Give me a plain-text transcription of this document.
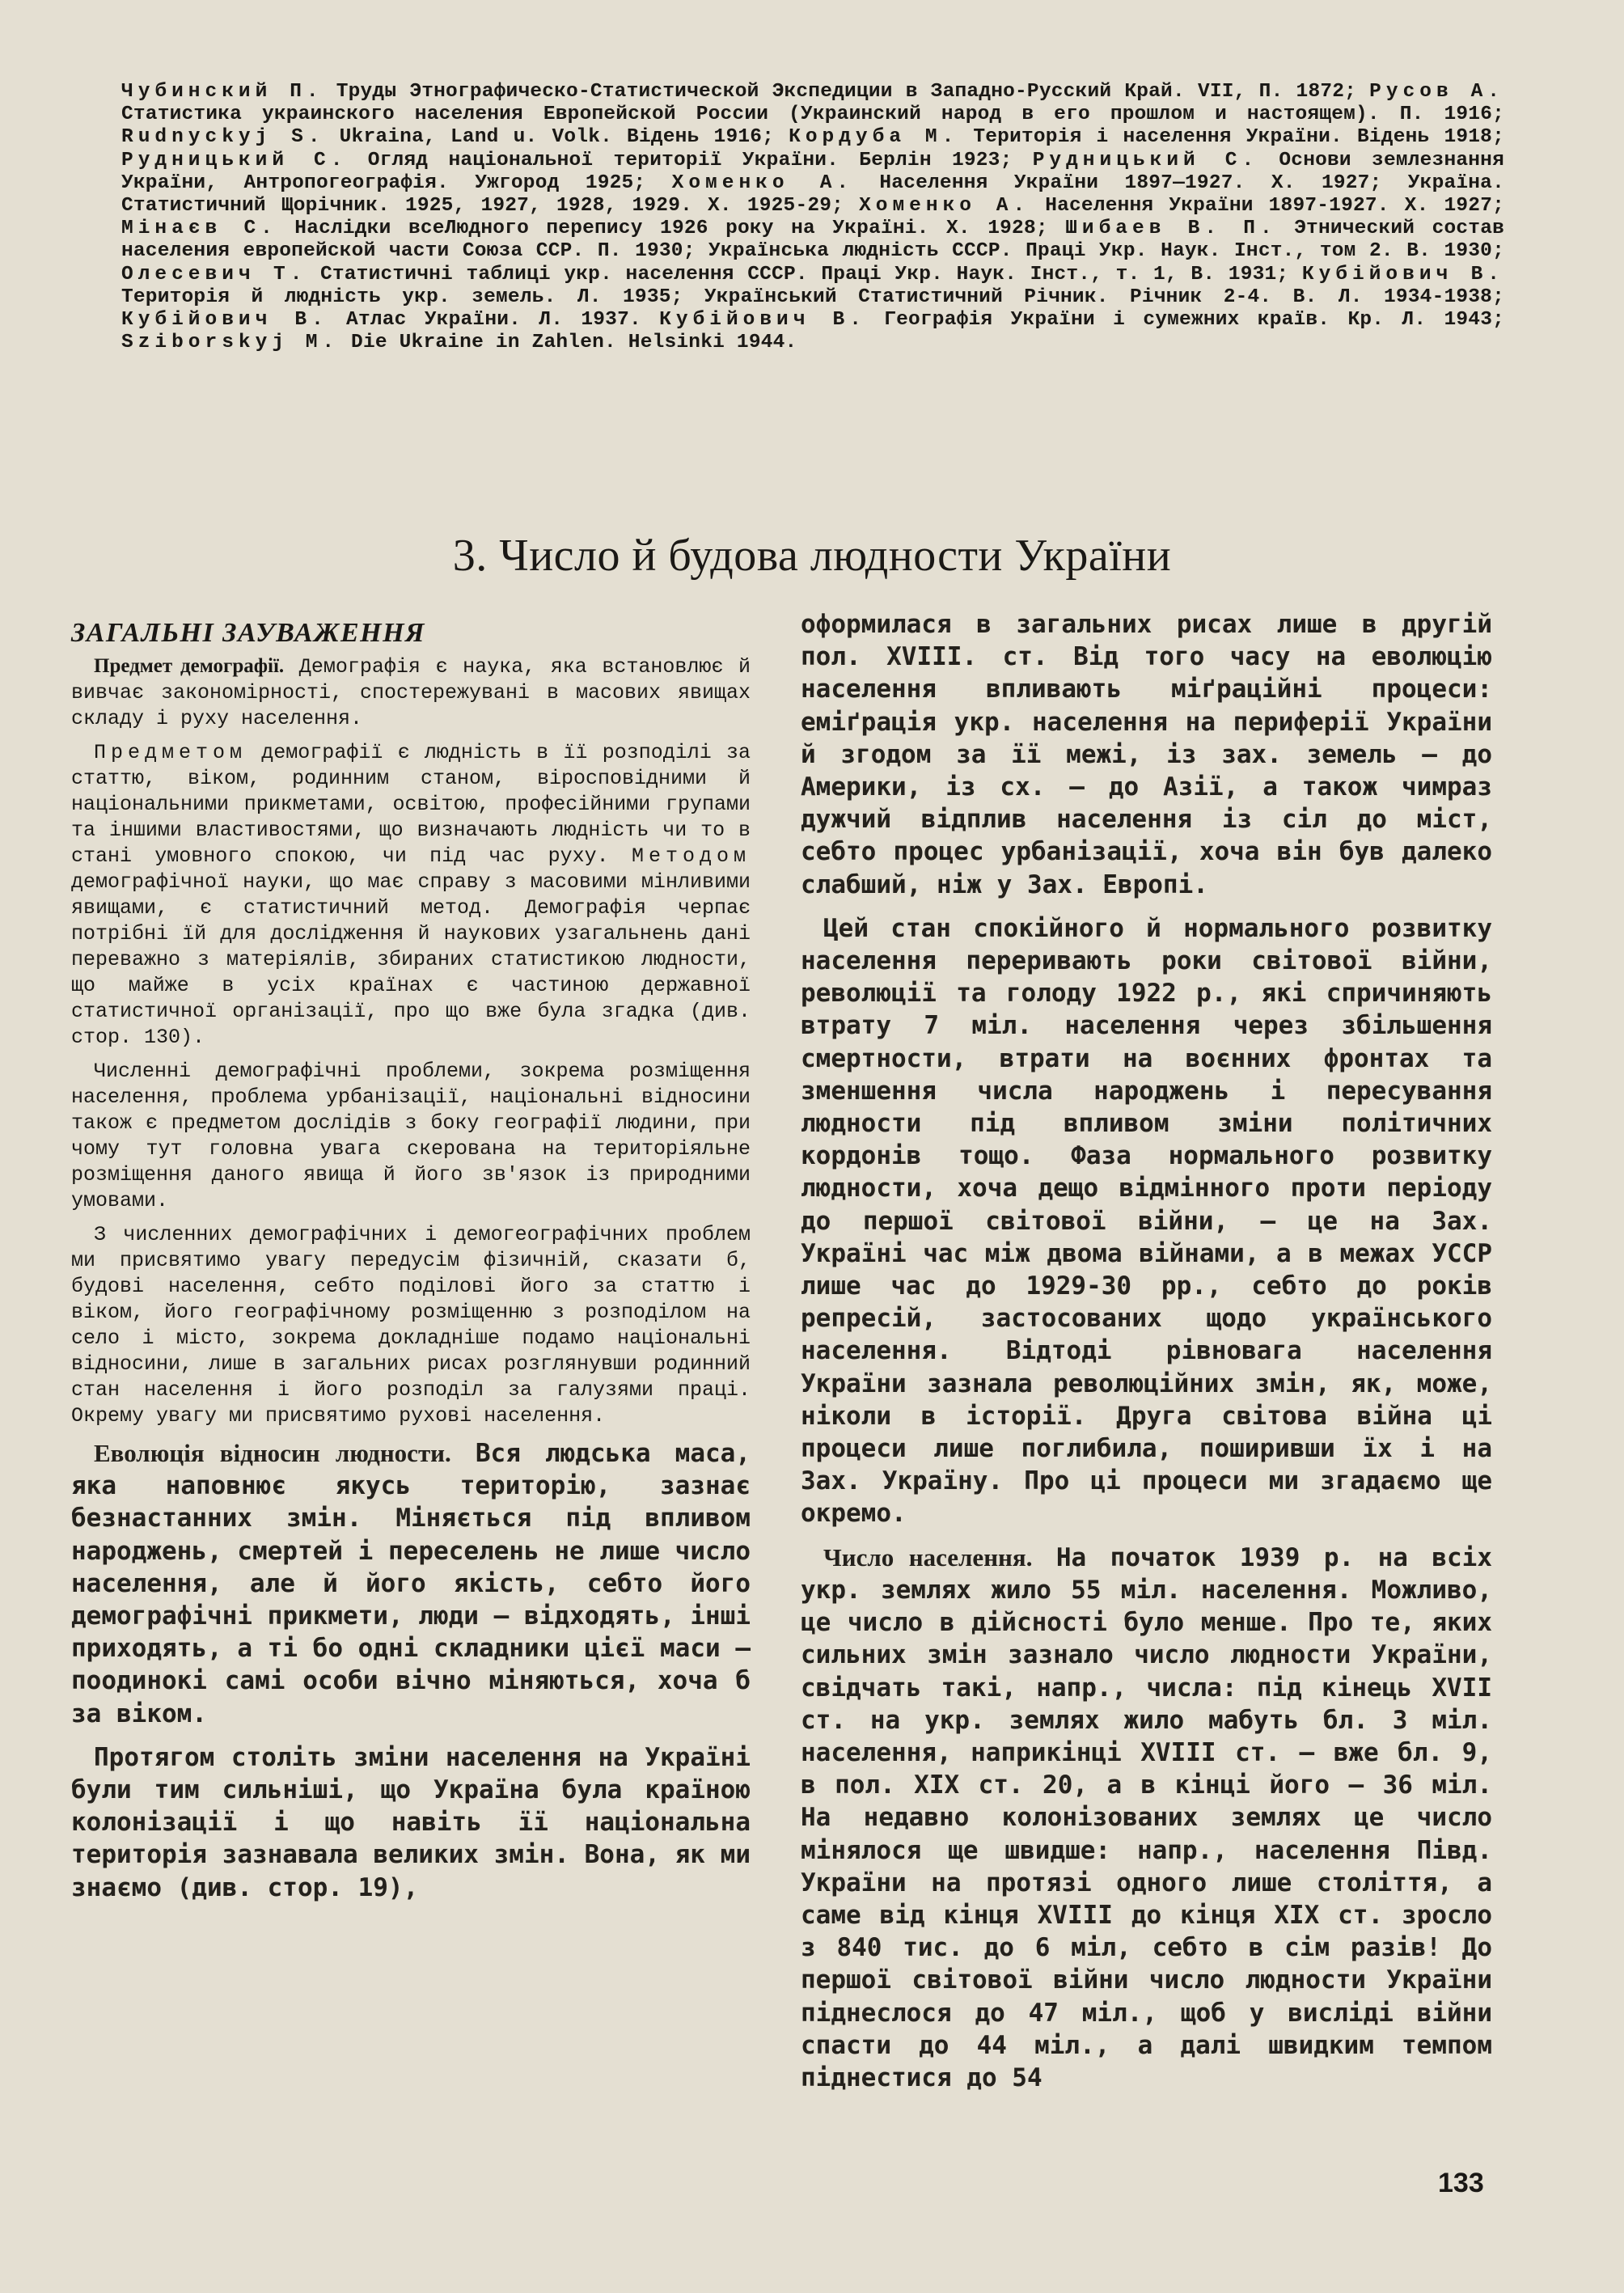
Чубинский П. Труды Этнографическо-Статистической Экспедиции в Западно-Русский Край. VII, П. 1872; Русов А. Статистика украинского населения Европейской России (Украинский народ в его прошлом и настоящем). П. 1916; Rudnyckyj S. Ukraina, Land u. Volk. Відень 1916; Кордуба М. Територія і населення України. Відень 1918; Рудницький С. Огляд національної території України. Берлін 1923; Рудницький С. Основи землезнання України, Антропогеографія. Ужгород 1925; Хоменко А. Населення України 1897—1927. Х. 1927; Україна. Статистичний Щорічник. 1925, 1927, 1928, 1929. Х. 1925-29; Хоменко А. Населення України 1897-1927. Х. 1927; Мінаєв С. Наслідки всеЛюдного перепису 1926 року на Україні. Х. 1928; Шибаев В. П. Этнический состав населения европейской части Союза ССР. П. 1930; Українська людність СССР. Праці Укр. Наук. Інст., том 2. В. 1930; Олесевич Т. Статистичні таблиці укр. населення СССР. Праці Укр. Наук. Інст., т. 1, В. 1931; Кубійович В. Територія й людність укр. земель. Л. 1935; Український Статистичний Річник. Річник 2-4. В. Л. 1934-1938; Кубійович В. Атлас України. Л. 1937. Кубійович В. Географія України і сумежних країв. Кр. Л. 1943; Sziborskyj M. Die Ukraine in Zahlen. Helsinki 1944.

3. Число й будова людности України
ЗАГАЛЬНІ ЗАУВАЖЕННЯ

Предмет демографії. Демографія є наука, яка встановлює й вивчає закономірності, спостережувані в масових явищах складу і руху населення.

Предметом демографії є людність в її розподілі за статтю, віком, родинним станом, віросповідними й національними прикметами, освітою, професійними групами та іншими властивостями, що визначають людність чи то в стані умовного спокою, чи під час руху. Методом демографічної науки, що має справу з масовими мінливими явищами, є статистичний метод. Демографія черпає потрібні їй для дослідження й наукових узагальнень дані переважно з матеріялів, збираних статистикою людности, що майже в усіх країнах є частиною державної статистичної організації, про що вже була згадка (див. стор. 130).

Численні демографічні проблеми, зокрема розміщення населення, проблема урбанізації, національні відносини також є предметом дослідів з боку географії людини, при чому тут головна увага скерована на територіяльне розміщення даного явища й його зв'язок із природними умовами.

З численних демографічних і демогеографічних проблем ми присвятимо увагу передусім фізичній, сказати б, будові населення, себто поділові його за статтю і віком, його географічному розміщенню з розподілом на село і місто, зокрема докладніше подамо національні відносини, лише в загальних рисах розглянувши родинний стан населення і його розподіл за галузями праці. Окрему увагу ми присвятимо рухові населення.

Еволюція відносин людности. Вся людська маса, яка наповнює якусь територію, зазнає безнастанних змін. Міняється під впливом народжень, смертей і переселень не лише число населення, але й його якість, себто його демографічні прикмети, люди — відходять, інші приходять, а ті бо одні складники цієї маси — поодинокі самі особи вічно міняються, хоча б за віком.

Протягом століть зміни населення на Україні були тим сильніші, що Україна була країною колонізації і що навіть її національна територія зазнавала великих змін. Вона, як ми знаємо (див. стор. 19),

оформилася в загальних рисах лише в другій пол. XVIII. ст. Від того часу на еволюцію населення впливають міґраційні процеси: еміґрація укр. населення на периферії України й згодом за її межі, із зах. земель — до Америки, із сх. — до Азії, а також чимраз дужчий відплив населення із сіл до міст, себто процес урбанізації, хоча він був далеко слабший, ніж у Зах. Европі.

Цей стан спокійного й нормального розвитку населення переривають роки світової війни, революції та голоду 1922 р., які спричиняють втрату 7 міл. населення через збільшення смертности, втрати на воєнних фронтах та зменшення числа народжень і пересування людности під впливом зміни політичних кордонів тощо. Фаза нормального розвитку людности, хоча дещо відмінного проти періоду до першої світової війни, — це на Зах. Україні час між двома війнами, а в межах УССР лише час до 1929-30 рр., себто до років репресій, застосованих щодо українського населення. Відтоді рівновага населення України зазнала революційних змін, як, може, ніколи в історії. Друга світова війна ці процеси лише поглибила, поширивши їх і на Зах. Україну. Про ці процеси ми згадаємо ще окремо.

Число населення. На початок 1939 р. на всіх укр. землях жило 55 міл. населення. Можливо, це число в дійсності було менше. Про те, яких сильних змін зазнало число людности України, свідчать такі, напр., числа: під кінець XVII ст. на укр. землях жило мабуть бл. 3 міл. населення, наприкінці XVIII ст. — вже бл. 9, в пол. XIX ст. 20, а в кінці його — 36 міл. На недавно колонізованих землях це число мінялося ще швидше: напр., населення Півд. України на протязі одного лише століття, а саме від кінця XVIII до кінця XIX ст. зросло з 840 тис. до 6 міл, себто в сім разів! До першої світової війни число людности України піднеслося до 47 міл., щоб у висліді війни спасти до 44 міл., а далі швидким темпом піднестися до 54

133
